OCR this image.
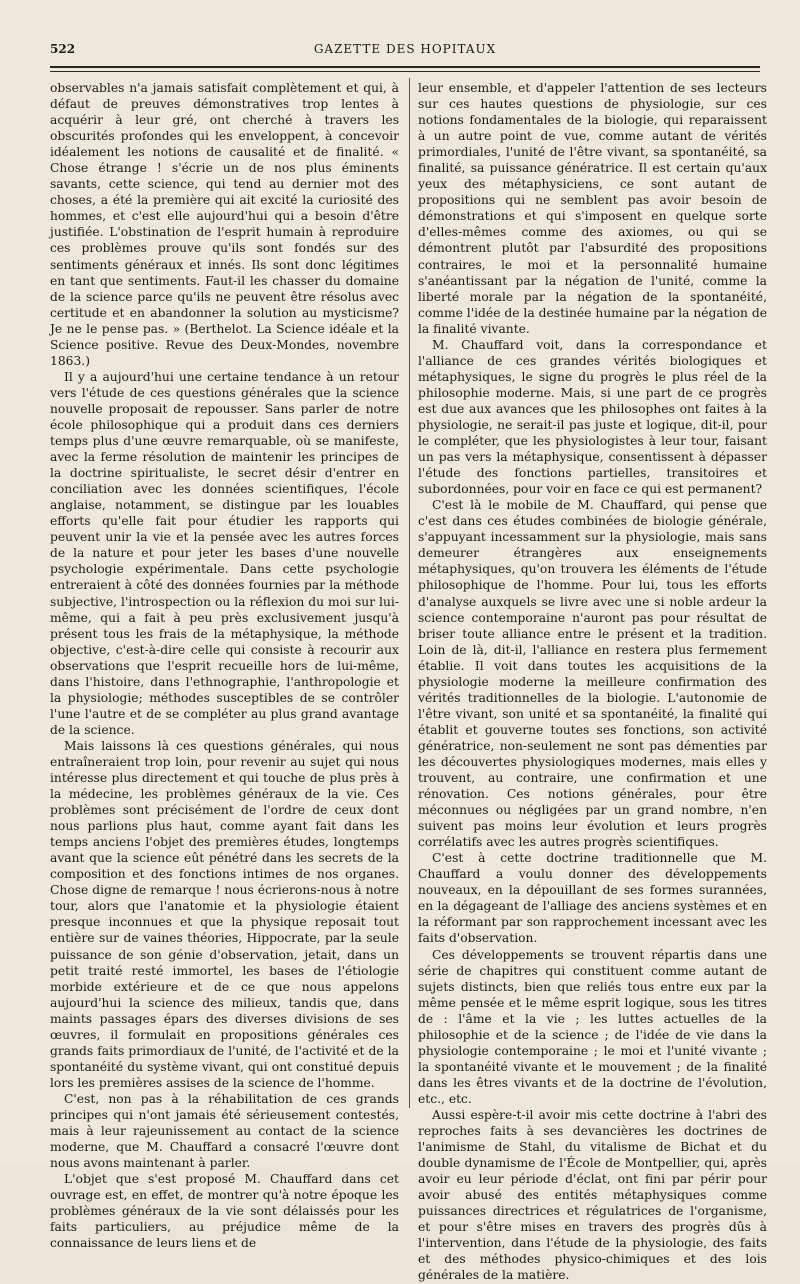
522	GAZETTE DES HOPITAUX

observables n'a jamais satisfait complètement et qui, à défaut de preuves démonstratives trop lentes à acquérir à leur gré, ont cherché à travers les obscurités profondes qui les enveloppent, à concevoir idéalement les notions de causalité et de finalité. « Chose étrange ! s'écrie un de nos plus éminents savants, cette science, qui tend au dernier mot des choses, a été la première qui ait excité la curiosité des hommes, et c'est elle aujourd'hui qui a besoin d'être justifiée. L'obstination de l'esprit humain à reproduire ces problèmes prouve qu'ils sont fondés sur des sentiments généraux et innés. Ils sont donc légitimes en tant que sentiments. Faut-il les chasser du domaine de la science parce qu'ils ne peuvent être résolus avec certitude et en abandonner la solution au mysticisme? Je ne le pense pas. » (Berthelot. La Science idéale et la Science positive. Revue des Deux-Mondes, novembre 1863.)

Il y a aujourd'hui une certaine tendance à un retour vers l'étude de ces questions générales que la science nouvelle proposait de repousser. Sans parler de notre école philosophique qui a produit dans ces derniers temps plus d'une œuvre remarquable, où se manifeste, avec la ferme résolution de maintenir les principes de la doctrine spiritualiste, le secret désir d'entrer en conciliation avec les données scientifiques, l'école anglaise, notamment, se distingue par les louables efforts qu'elle fait pour étudier les rapports qui peuvent unir la vie et la pensée avec les autres forces de la nature et pour jeter les bases d'une nouvelle psychologie expérimentale. Dans cette psychologie entreraient à côté des données fournies par la méthode subjective, l'introspection ou la réflexion du moi sur lui-même, qui a fait à peu près exclusivement jusqu'à présent tous les frais de la métaphysique, la méthode objective, c'est-à-dire celle qui consiste à recourir aux observations que l'esprit recueille hors de lui-même, dans l'histoire, dans l'ethnographie, l'anthropologie et la physiologie; méthodes susceptibles de se contrôler l'une l'autre et de se compléter au plus grand avantage de la science.

Mais laissons là ces questions générales, qui nous entraîneraient trop loin, pour revenir au sujet qui nous intéresse plus directement et qui touche de plus près à la médecine, les problèmes généraux de la vie. Ces problèmes sont précisément de l'ordre de ceux dont nous parlions plus haut, comme ayant fait dans les temps anciens l'objet des premières études, longtemps avant que la science eût pénétré dans les secrets de la composition et des fonctions intimes de nos organes. Chose digne de remarque ! nous écrierons-nous à notre tour, alors que l'anatomie et la physiologie étaient presque inconnues et que la physique reposait tout entière sur de vaines théories, Hippocrate, par la seule puissance de son génie d'observation, jetait, dans un petit traité resté immortel, les bases de l'étiologie morbide extérieure et de ce que nous appelons aujourd'hui la science des milieux, tandis que, dans maints passages épars des diverses divisions de ses œuvres, il formulait en propositions générales ces grands faits primordiaux de l'unité, de l'activité et de la spontanéité du système vivant, qui ont constitué depuis lors les premières assises de la science de l'homme.

C'est, non pas à la réhabilitation de ces grands principes qui n'ont jamais été sérieusement contestés, mais à leur rajeunissement au contact de la science moderne, que M. Chauffard a consacré l'œuvre dont nous avons maintenant à parler.

L'objet que s'est proposé M. Chauffard dans cet ouvrage est, en effet, de montrer qu'à notre époque les problèmes généraux de la vie sont délaissés pour les faits particuliers, au préjudice même de la connaissance de leurs liens et de

leur ensemble, et d'appeler l'attention de ses lecteurs sur ces hautes questions de physiologie, sur ces notions fondamentales de la biologie, qui reparaissent à un autre point de vue, comme autant de vérités primordiales, l'unité de l'être vivant, sa spontanéité, sa finalité, sa puissance génératrice. Il est certain qu'aux yeux des métaphysiciens, ce sont autant de propositions qui ne semblent pas avoir besoin de démonstrations et qui s'imposent en quelque sorte d'elles-mêmes comme des axiomes, ou qui se démontrent plutôt par l'absurdité des propositions contraires, le moi et la personnalité humaine s'anéantissant par la négation de l'unité, comme la liberté morale par la négation de la spontanéité, comme l'idée de la destinée humaine par la négation de la finalité vivante.

M. Chauffard voit, dans la correspondance et l'alliance de ces grandes vérités biologiques et métaphysiques, le signe du progrès le plus réel de la philosophie moderne. Mais, si une part de ce progrès est due aux avances que les philosophes ont faites à la physiologie, ne serait-il pas juste et logique, dit-il, pour le compléter, que les physiologistes à leur tour, faisant un pas vers la métaphysique, consentissent à dépasser l'étude des fonctions partielles, transitoires et subordonnées, pour voir en face ce qui est permanent?

C'est là le mobile de M. Chauffard, qui pense que c'est dans ces études combinées de biologie générale, s'appuyant incessamment sur la physiologie, mais sans demeurer étrangères aux enseignements métaphysiques, qu'on trouvera les éléments de l'étude philosophique de l'homme. Pour lui, tous les efforts d'analyse auxquels se livre avec une si noble ardeur la science contemporaine n'auront pas pour résultat de briser toute alliance entre le présent et la tradition. Loin de là, dit-il, l'alliance en restera plus fermement établie. Il voit dans toutes les acquisitions de la physiologie moderne la meilleure confirmation des vérités traditionnelles de la biologie. L'autonomie de l'être vivant, son unité et sa spontanéité, la finalité qui établit et gouverne toutes ses fonctions, son activité génératrice, non-seulement ne sont pas démenties par les découvertes physiologiques modernes, mais elles y trouvent, au contraire, une confirmation et une rénovation. Ces notions générales, pour être méconnues ou négligées par un grand nombre, n'en suivent pas moins leur évolution et leurs progrès corrélatifs avec les autres progrès scientifiques.

C'est à cette doctrine traditionnelle que M. Chauffard a voulu donner des développements nouveaux, en la dépouillant de ses formes surannées, en la dégageant de l'alliage des anciens systèmes et en la réformant par son rapprochement incessant avec les faits d'observation.

Ces développements se trouvent répartis dans une série de chapitres qui constituent comme autant de sujets distincts, bien que reliés tous entre eux par la même pensée et le même esprit logique, sous les titres de : l'âme et la vie ; les luttes actuelles de la philosophie et de la science ; de l'idée de vie dans la physiologie contemporaine ; le moi et l'unité vivante ; la spontanéité vivante et le mouvement ; de la finalité dans les êtres vivants et de la doctrine de l'évolution, etc., etc.

Aussi espère-t-il avoir mis cette doctrine à l'abri des reproches faits à ses devancières les doctrines de l'animisme de Stahl, du vitalisme de Bichat et du double dynamisme de l'École de Montpellier, qui, après avoir eu leur période d'éclat, ont fini par périr pour avoir abusé des entités métaphysiques comme puissances directrices et régulatrices de l'organisme, et pour s'être mises en travers des progrès dûs à l'intervention, dans l'étude de la physiologie, des faits et des méthodes physico-chimiques et des lois générales de la matière.
